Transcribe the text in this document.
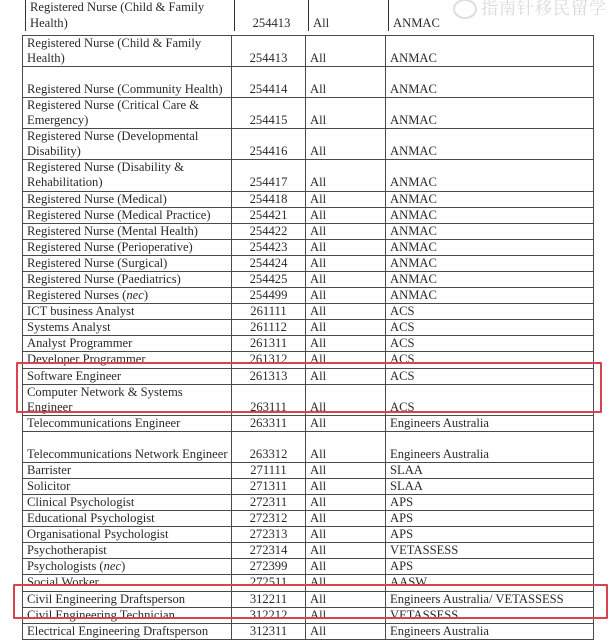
Registered Nurse (Child & Family Health)	254413	All	ANMAC
指南针移民留学
Registered Nurse (Child & Family Health)	254413	All	ANMAC
Registered Nurse (Community Health)	254414	All	ANMAC
Registered Nurse (Critical Care & Emergency)	254415	All	ANMAC
Registered Nurse (Developmental Disability)	254416	All	ANMAC
Registered Nurse (Disability & Rehabilitation)	254417	All	ANMAC
Registered Nurse (Medical)	254418	All	ANMAC
Registered Nurse (Medical Practice)	254421	All	ANMAC
Registered Nurse (Mental Health)	254422	All	ANMAC
Registered Nurse (Perioperative)	254423	All	ANMAC
Registered Nurse (Surgical)	254424	All	ANMAC
Registered Nurse (Paediatrics)	254425	All	ANMAC
Registered Nurses (nec)	254499	All	ANMAC
ICT business Analyst	261111	All	ACS
Systems Analyst	261112	All	ACS
Analyst Programmer	261311	All	ACS
Developer Programmer	261312	All	ACS
Software Engineer	261313	All	ACS
Computer Network & Systems Engineer	263111	All	ACS
Telecommunications Engineer	263311	All	Engineers Australia
Telecommunications Network Engineer	263312	All	Engineers Australia
Barrister	271111	All	SLAA
Solicitor	271311	All	SLAA
Clinical Psychologist	272311	All	APS
Educational Psychologist	272312	All	APS
Organisational Psychologist	272313	All	APS
Psychotherapist	272314	All	VETASSESS
Psychologists (nec)	272399	All	APS
Social Worker	272511	All	AASW
Civil Engineering Draftsperson	312211	All	Engineers Australia/ VETASSESS
Civil Engineering Technician	312212	All	VETASSESS
Electrical Engineering Draftsperson	312311	All	Engineers Australia
